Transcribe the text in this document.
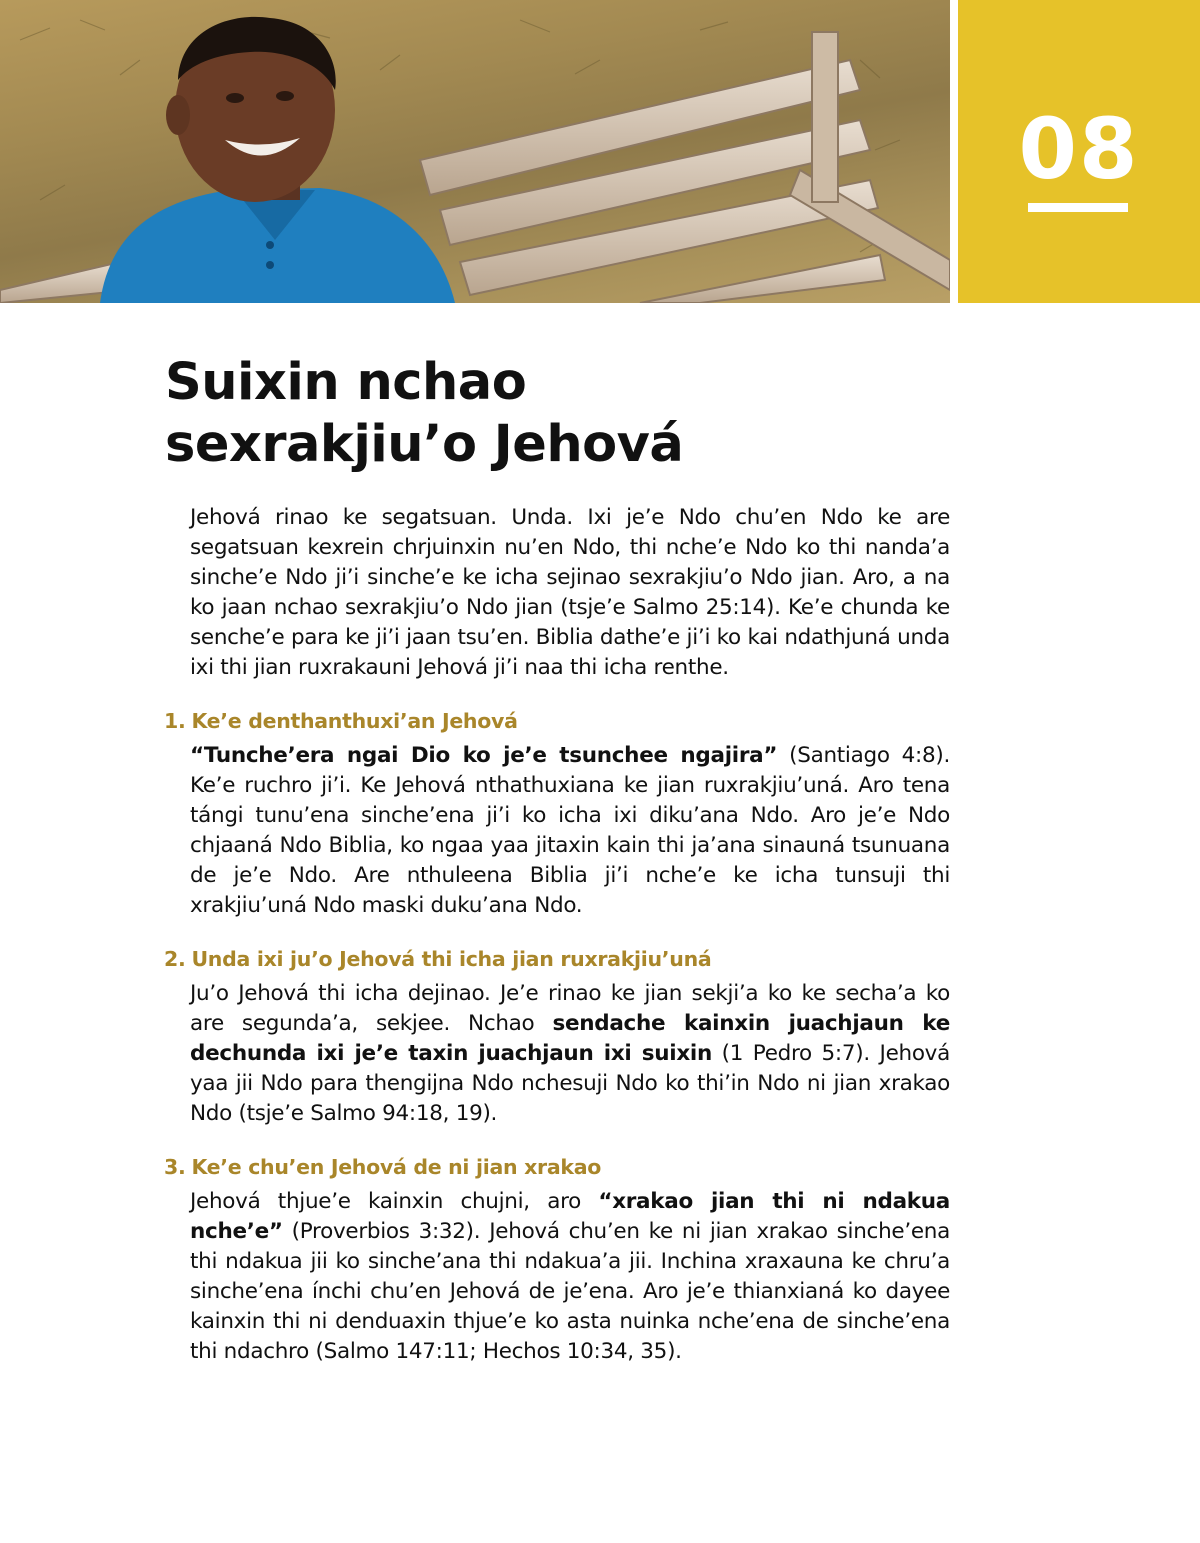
08
Suixin nchao
sexrakjiu’o Jehová

Jehová rinao ke segatsuan. Unda. Ixi je’e Ndo chu’en Ndo ke are segatsuan kexrein chrjuinxin nu’en Ndo, thi nche’e Ndo ko thi nanda’a sinche’e Ndo ji’i sinche’e ke icha sejinao sexrakjiu’o Ndo jian. Aro, a na ko jaan nchao sexrakjiu’o Ndo jian (tsje’e Salmo 25:14). Ke’e chunda ke senche’e para ke ji’i jaan tsu’en. Biblia dathe’e ji’i ko kai ndathjuná unda ixi thi jian ruxrakauni Jehová ji’i naa thi icha renthe.

1. Ke’e denthanthuxi’an Jehová

“Tunche’era ngai Dio ko je’e tsunchee ngajira” (Santiago 4:8). Ke’e ruchro ji’i. Ke Jehová nthathuxiana ke jian ruxrakjiu’uná. Aro tena tángi tunu’ena sinche’ena ji’i ko icha ixi diku’ana Ndo. Aro je’e Ndo chjaaná Ndo Biblia, ko ngaa yaa jitaxin kain thi ja’ana sinauná tsunuana de je’e Ndo. Are nthuleena Biblia ji’i nche’e ke icha tunsuji thi xrakjiu’uná Ndo maski duku’ana Ndo.

2. Unda ixi ju’o Jehová thi icha jian ruxrakjiu’uná

Ju’o Jehová thi icha dejinao. Je’e rinao ke jian sekji’a ko ke secha’a ko are segunda’a, sekjee. Nchao sendache kainxin juachjaun ke dechunda ixi je’e taxin juachjaun ixi suixin (1 Pedro 5:7). Jehová yaa jii Ndo para thengijna Ndo nchesuji Ndo ko thi’in Ndo ni jian xrakao Ndo (tsje’e Salmo 94:18, 19).

3. Ke’e chu’en Jehová de ni jian xrakao

Jehová thjue’e kainxin chujni, aro “xrakao jian thi ni ndakua nche’e” (Proverbios 3:32). Jehová chu’en ke ni jian xrakao sinche’ena thi ndakua jii ko sinche’ana thi ndakua’a jii. Inchina xraxauna ke chru’a sinche’ena ínchi chu’en Jehová de je’ena. Aro je’e thianxianá ko dayee kainxin thi ni denduaxin thjue’e ko asta nuinka nche’ena de sinche’ena thi ndachro (Salmo 147:11; Hechos 10:34, 35).
